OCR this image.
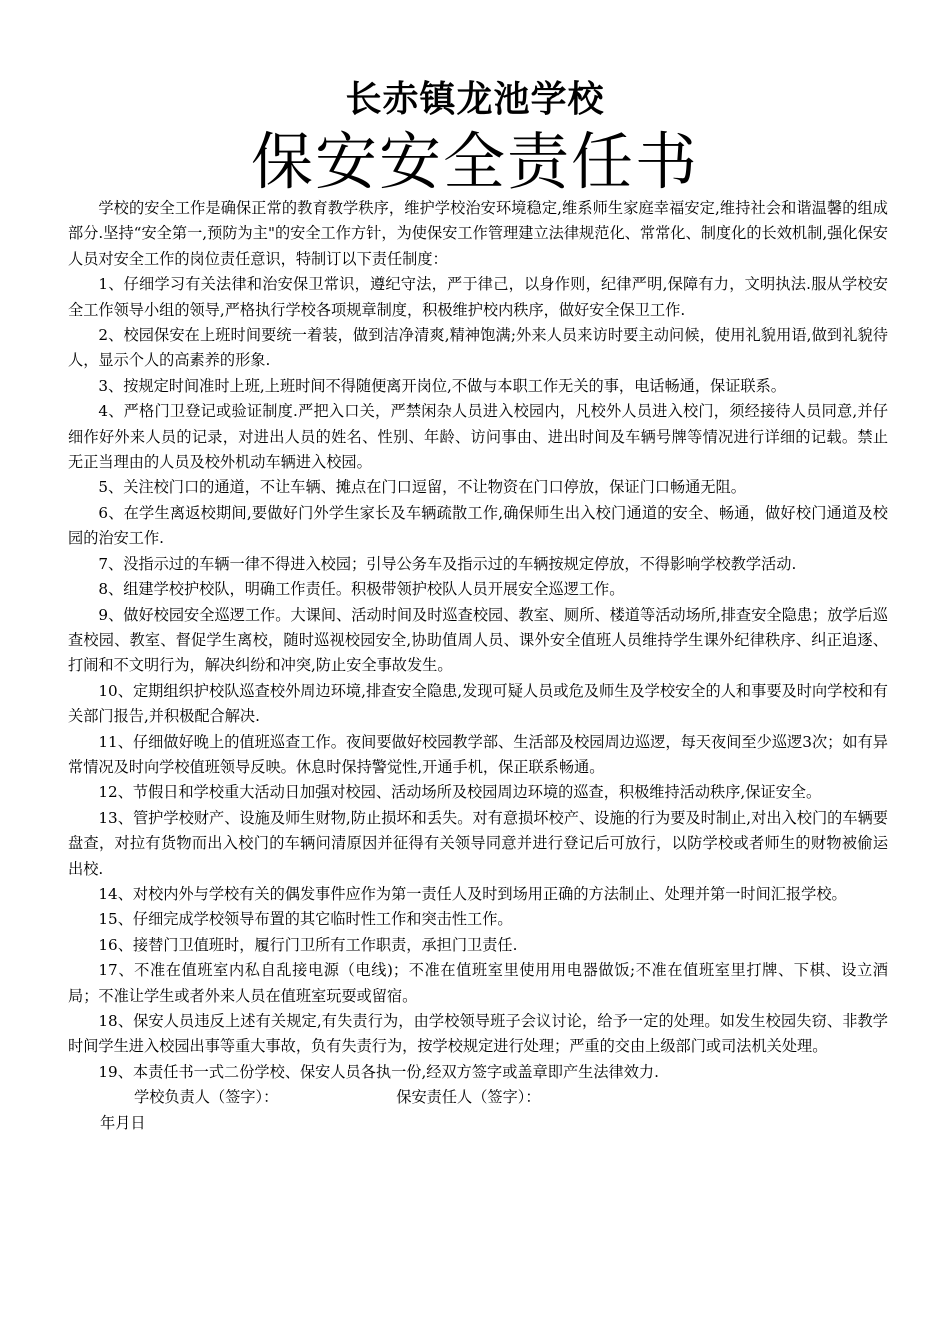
长赤镇龙池学校
保安安全责任书

学校的安全工作是确保正常的教育教学秩序，维护学校治安环境稳定,维系师生家庭幸福安定,维持社会和谐温馨的组成部分.坚持“安全第一,预防为主"的安全工作方针，为使保安工作管理建立法律规范化、常常化、制度化的长效机制,强化保安人员对安全工作的岗位责任意识，特制订以下责任制度：

1、仔细学习有关法律和治安保卫常识，遵纪守法，严于律己，以身作则，纪律严明,保障有力，文明执法.服从学校安全工作领导小组的领导,严格执行学校各项规章制度，积极维护校内秩序，做好安全保卫工作.

2、校园保安在上班时间要统一着装，做到洁净清爽,精神饱满;外来人员来访时要主动问候，使用礼貌用语,做到礼貌待人，显示个人的高素养的形象.

3、按规定时间准时上班,上班时间不得随便离开岗位,不做与本职工作无关的事，电话畅通，保证联系。

4、严格门卫登记或验证制度.严把入口关，严禁闲杂人员进入校园内，凡校外人员进入校门，须经接待人员同意,并仔细作好外来人员的记录，对进出人员的姓名、性别、年龄、访问事由、进出时间及车辆号牌等情况进行详细的记载。禁止无正当理由的人员及校外机动车辆进入校园。

5、关注校门口的通道，不让车辆、摊点在门口逗留，不让物资在门口停放，保证门口畅通无阻。

6、在学生离返校期间,要做好门外学生家长及车辆疏散工作,确保师生出入校门通道的安全、畅通，做好校门通道及校园的治安工作.

7、没指示过的车辆一律不得进入校园；引导公务车及指示过的车辆按规定停放，不得影响学校教学活动.

8、组建学校护校队，明确工作责任。积极带领护校队人员开展安全巡逻工作。

9、做好校园安全巡逻工作。大课间、活动时间及时巡查校园、教室、厕所、楼道等活动场所,排查安全隐患；放学后巡查校园、教室、督促学生离校，随时巡视校园安全,协助值周人员、课外安全值班人员维持学生课外纪律秩序、纠正追逐、打闹和不文明行为，解决纠纷和冲突,防止安全事故发生。

10、定期组织护校队巡查校外周边环境,排查安全隐患,发现可疑人员或危及师生及学校安全的人和事要及时向学校和有关部门报告,并积极配合解决.

11、仔细做好晚上的值班巡查工作。夜间要做好校园教学部、生活部及校园周边巡逻，每天夜间至少巡逻3次；如有异常情况及时向学校值班领导反映。休息时保持警觉性,开通手机，保正联系畅通。

12、节假日和学校重大活动日加强对校园、活动场所及校园周边环境的巡查，积极维持活动秩序,保证安全。

13、管护学校财产、设施及师生财物,防止损坏和丢失。对有意损坏校产、设施的行为要及时制止,对出入校门的车辆要盘查，对拉有货物而出入校门的车辆问清原因并征得有关领导同意并进行登记后可放行，以防学校或者师生的财物被偷运出校.

14、对校内外与学校有关的偶发事件应作为第一责任人及时到场用正确的方法制止、处理并第一时间汇报学校。

15、仔细完成学校领导布置的其它临时性工作和突击性工作。

16、接替门卫值班时，履行门卫所有工作职责，承担门卫责任.

17、不准在值班室内私自乱接电源（电线)；不准在值班室里使用用电器做饭;不准在值班室里打牌、下棋、设立酒局；不准让学生或者外来人员在值班室玩耍或留宿。

18、保安人员违反上述有关规定,有失责行为，由学校领导班子会议讨论，给予一定的处理。如发生校园失窃、非教学时间学生进入校园出事等重大事故，负有失责行为，按学校规定进行处理；严重的交由上级部门或司法机关处理。

19、本责任书一式二份学校、保安人员各执一份,经双方签字或盖章即产生法律效力.

学校负责人（签字）：	保安责任人（签字）：
年月日
